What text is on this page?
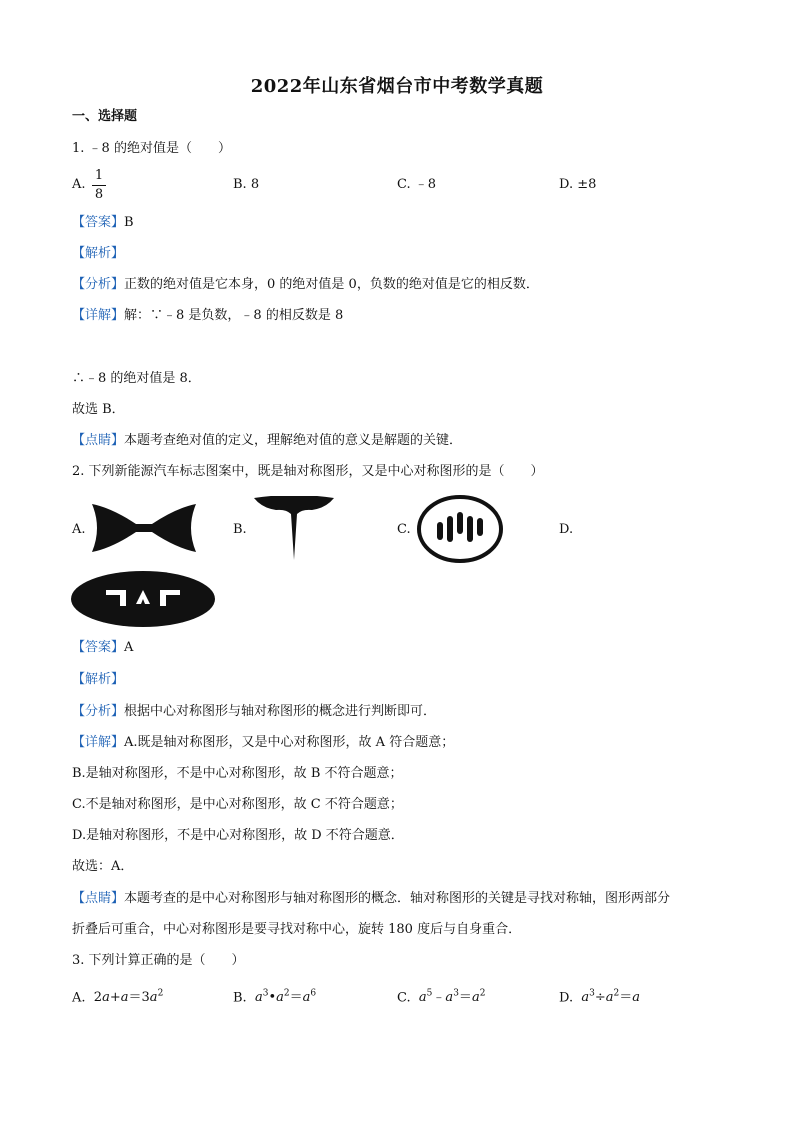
2022年山东省烟台市中考数学真题
一、选择题
1. ﹣8 的绝对值是（　　）
A.
1
8
B. 8	C. ﹣8	D. ±8
【答案】B
【解析】
【分析】正数的绝对值是它本身，0 的绝对值是 0，负数的绝对值是它的相反数．
【详解】解：∵﹣8 是负数，﹣8 的相反数是 8
∴﹣8 的绝对值是 8．
故选 B．
【点睛】本题考查绝对值的定义，理解绝对值的意义是解题的关键．
2. 下列新能源汽车标志图案中，既是轴对称图形，又是中心对称图形的是（　　）
A.	B.	C.	D.
【答案】A
【解析】
【分析】根据中心对称图形与轴对称图形的概念进行判断即可．
【详解】A.既是轴对称图形，又是中心对称图形，故 A 符合题意；
B.是轴对称图形，不是中心对称图形，故 B 不符合题意；
C.不是轴对称图形，是中心对称图形，故 C 不符合题意；
D.是轴对称图形，不是中心对称图形，故 D 不符合题意．
故选：A．
【点睛】本题考查的是中心对称图形与轴对称图形的概念．轴对称图形的关键是寻找对称轴，图形两部分
折叠后可重合，中心对称图形是要寻找对称中心，旋转 180 度后与自身重合．
3. 下列计算正确的是（　　）
A.  $2a+a=3a^2$	B. $a^3•a^2=a^6$	C. $a^5﹣a^3=a^2$	D. $a^3\div a^2=a$
